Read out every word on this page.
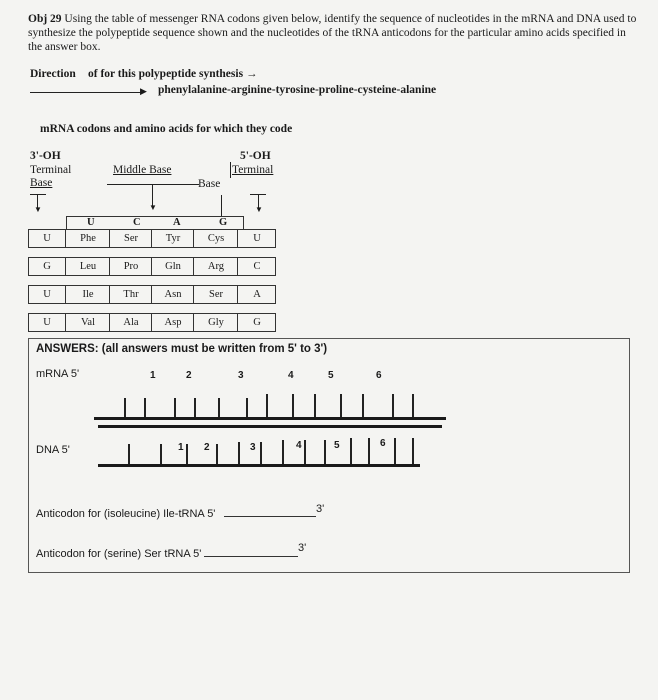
Obj 29 Using the table of messenger RNA codons given below, identify the sequence of nucleotides in the mRNA and DNA used to synthesize the polypeptide sequence shown and the nucleotides of the tRNA anticodons for the particular amino acids specified in the answer box.
Direction of for this polypeptide synthesis →
▶ phenylalanine-arginine-tyrosine-proline-cysteine-alanine
mRNA codons and amino acids for which they code
3'-OH
Terminal
Base
▼
Middle Base
▼
Base
5'-OH
Terminal
▼
U	C	A	G
U	Phe	Ser	Tyr	Cys	U
G	Leu	Pro	Gln	Arg	C
U	Ile	Thr	Asn	Ser	A
U	Val	Ala	Asp	Gly	G
ANSWERS: (all answers must be written from 5' to 3')
mRNA 5'	1	2	3	4	5	6
DNA 5'	1 2	3	4	5	6
Anticodon for (isoleucine) Ile-tRNA 5'	3'
Anticodon for (serine) Ser tRNA 5'	3'
